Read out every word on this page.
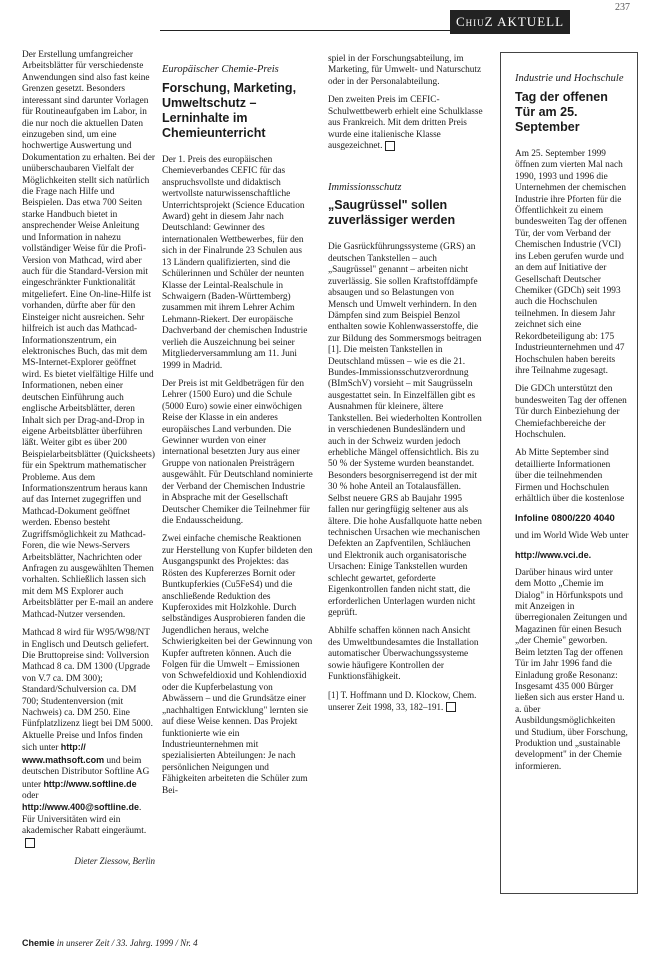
237
ChiuZ AKTUELL

Der Erstellung umfangreicher Arbeitsblätter für verschiedenste Anwendungen sind also fast keine Grenzen gesetzt. Besonders interessant sind darunter Vorlagen für Routineaufgaben im Labor, in die nur noch die aktuellen Daten einzugeben sind, um eine hochwertige Auswertung und Dokumentation zu erhalten. Bei der unüberschaubaren Vielfalt der Möglichkeiten stellt sich natürlich die Frage nach Hilfe und Beispielen. Das etwa 700 Seiten starke Handbuch bietet in ansprechender Weise Anleitung und Information in nahezu vollständiger Weise für die Profi-Version von Mathcad, wird aber auch für die Standard-Version mit eingeschränkter Funktionalität mitgeliefert. Eine On-line-Hilfe ist vorhanden, dürfte aber für den Einsteiger nicht ausreichen. Sehr hilfreich ist auch das Mathcad-Informationszentrum, ein elektronisches Buch, das mit dem MS-Internet-Explorer geöffnet wird. Es bietet vielfältige Hilfe und Informationen, neben einer deutschen Einführung auch englische Arbeitsblätter, deren Inhalt sich per Drag-and-Drop in eigene Arbeitsblätter überführen läßt. Weiter gibt es über 200 Beispielarbeitsblätter (Quicksheets) für ein Spektrum mathematischer Probleme. Aus dem Informationszentrum heraus kann auf das Internet zugegriffen und Mathcad-Dokument geöffnet werden. Ebenso besteht Zugriffsmöglichkeit zu Mathcad-Foren, die wie News-Servers Arbeitsblätter, Nachrichten oder Anfragen zu ausgewählten Themen vorhalten. Schließlich lassen sich mit dem MS Explorer auch Arbeitsblätter per E-mail an andere Mathcad-Nutzer versenden.

Mathcad 8 wird für W95/W98/NT in Englisch und Deutsch geliefert. Die Bruttopreise sind: Vollversion Mathcad 8 ca. DM 1300 (Upgrade von V.7 ca. DM 300); Standard/Schulversion ca. DM 700; Studentenversion (mit Nachweis) ca. DM 250. Eine Fünfplatzlizenz liegt bei DM 5000. Aktuelle Preise und Infos finden sich unter http:// www.mathsoft.com und beim deutschen Distributor Softline AG unter http://www.softline.de oder http://www.400@softline.de. Für Universitäten wird ein akademischer Rabatt eingeräumt.

Dieter Ziessow, Berlin
Europäischer Chemie-Preis
Forschung, Marketing, Umweltschutz – Lerninhalte im Chemieunterricht

Der 1. Preis des europäischen Chemieverbandes CEFIC für das anspruchsvollste und didaktisch wertvollste naturwissenschaftliche Unterrichtsprojekt (Science Education Award) geht in diesem Jahr nach Deutschland: Gewinner des internationalen Wettbewerbes, für den sich in der Finalrunde 23 Schulen aus 13 Ländern qualifizierten, sind die Schülerinnen und Schüler der neunten Klasse der Leintal-Realschule in Schwaigern (Baden-Württemberg) zusammen mit ihrem Lehrer Achim Lehmann-Riekert. Der europäische Dachverband der chemischen Industrie verlieh die Auszeichnung bei seiner Mitgliederversammlung am 11. Juni 1999 in Madrid.

Der Preis ist mit Geldbeträgen für den Lehrer (1500 Euro) und die Schule (5000 Euro) sowie einer einwöchigen Reise der Klasse in ein anderes europäisches Land verbunden. Die Gewinner wurden von einer international besetzten Jury aus einer Gruppe von nationalen Preisträgern ausgewählt. Für Deutschland nominierte der Verband der Chemischen Industrie in Absprache mit der Gesellschaft Deutscher Chemiker die Teilnehmer für die Endausscheidung.

Zwei einfache chemische Reaktionen zur Herstellung von Kupfer bildeten den Ausgangspunkt des Projektes: das Rösten des Kupfererzes Bornit oder Buntkupferkies (Cu5FeS4) und die anschließende Reduktion des Kupferoxides mit Holzkohle. Durch selbständiges Ausprobieren fanden die Jugendlichen heraus, welche Schwierigkeiten bei der Gewinnung von Kupfer auftreten können. Auch die Folgen für die Umwelt – Emissionen von Schwefeldioxid und Kohlendioxid oder die Kupferbelastung von Abwässern – und die Grundsätze einer „nachhaltigen Entwicklung" lernten sie auf diese Weise kennen. Das Projekt funktionierte wie ein Industrieunternehmen mit spezialisierten Abteilungen: Je nach persönlichen Neigungen und Fähigkeiten arbeiteten die Schüler zum Bei-

spiel in der Forschungsabteilung, im Marketing, für Umwelt- und Naturschutz oder in der Personalabteilung.

Den zweiten Preis im CEFIC-Schulwettbewerb erhielt eine Schulklasse aus Frankreich. Mit dem dritten Preis wurde eine italienische Klasse ausgezeichnet.

Immissionsschutz
„Saugrüssel" sollen zuverlässiger werden

Die Gasrückführungssysteme (GRS) an deutschen Tankstellen – auch „Saugrüssel" genannt – arbeiten nicht zuverlässig. Sie sollen Kraftstoffdämpfe absaugen und so Belastungen von Mensch und Umwelt verhindern. In den Dämpfen sind zum Beispiel Benzol enthalten sowie Kohlenwasserstoffe, die zur Bildung des Sommersmogs beitragen [1]. Die meisten Tankstellen in Deutschland müssen – wie es die 21. Bundes-Immissionsschutzverordnung (BImSchV) vorsieht – mit Saugrüsseln ausgestattet sein. In Einzelfällen gibt es Ausnahmen für kleinere, ältere Tankstellen. Bei wiederholten Kontrollen in verschiedenen Bundesländern und auch in der Schweiz wurden jedoch erhebliche Mängel offensichtlich. Bis zu 50 % der Systeme wurden beanstandet. Besonders besorgniserregend ist der mit 30 % hohe Anteil an Totalausfällen. Selbst neuere GRS ab Baujahr 1995 fallen nur geringfügig seltener aus als ältere. Die hohe Ausfallquote hatte neben technischen Ursachen wie mechanischen Defekten an Zapfventilen, Schläuchen und Elektronik auch organisatorische Ursachen: Einige Tankstellen wurden schlecht gewartet, geforderte Eigenkontrollen fanden nicht statt, die erforderlichen Unterlagen wurden nicht geprüft.

Abhilfe schaffen können nach Ansicht des Umweltbundesamtes die Installation automatischer Überwachungssysteme sowie häufigere Kontrollen der Funktionsfähigkeit.

[1] T. Hoffmann und D. Klockow, Chem. unserer Zeit 1998, 33, 182–191.

Industrie und Hochschule
Tag der offenen Tür am 25. September

Am 25. September 1999 öffnen zum vierten Mal nach 1990, 1993 und 1996 die Unternehmen der chemischen Industrie ihre Pforten für die Öffentlichkeit zu einem bundesweiten Tag der offenen Tür, der vom Verband der Chemischen Industrie (VCI) ins Leben gerufen wurde und an dem auf Initiative der Gesellschaft Deutscher Chemiker (GDCh) seit 1993 auch die Hochschulen teilnehmen. In diesem Jahr zeichnet sich eine Rekordbeteiligung ab: 175 Industrieunternehmen und 47 Hochschulen haben bereits ihre Teilnahme zugesagt.

Die GDCh unterstützt den bundesweiten Tag der offenen Tür durch Einbeziehung der Chemiefachbereiche der Hochschulen.

Ab Mitte September sind detaillierte Informationen über die teilnehmenden Firmen und Hochschulen erhältlich über die kostenlose

Infoline 0800/220 4040

und im World Wide Web unter

http://www.vci.de.

Darüber hinaus wird unter dem Motto „Chemie im Dialog" in Hörfunkspots und mit Anzeigen in überregionalen Zeitungen und Magazinen für einen Besuch „der Chemie" geworben. Beim letzten Tag der offenen Tür im Jahr 1996 fand die Einladung große Resonanz: Insgesamt 435 000 Bürger ließen sich aus erster Hand u. a. über Ausbildungsmöglichkeiten und Studium, über Forschung, Produktion und „sustainable development" in der Chemie informieren.

Chemie in unserer Zeit / 33. Jahrg. 1999 / Nr. 4
